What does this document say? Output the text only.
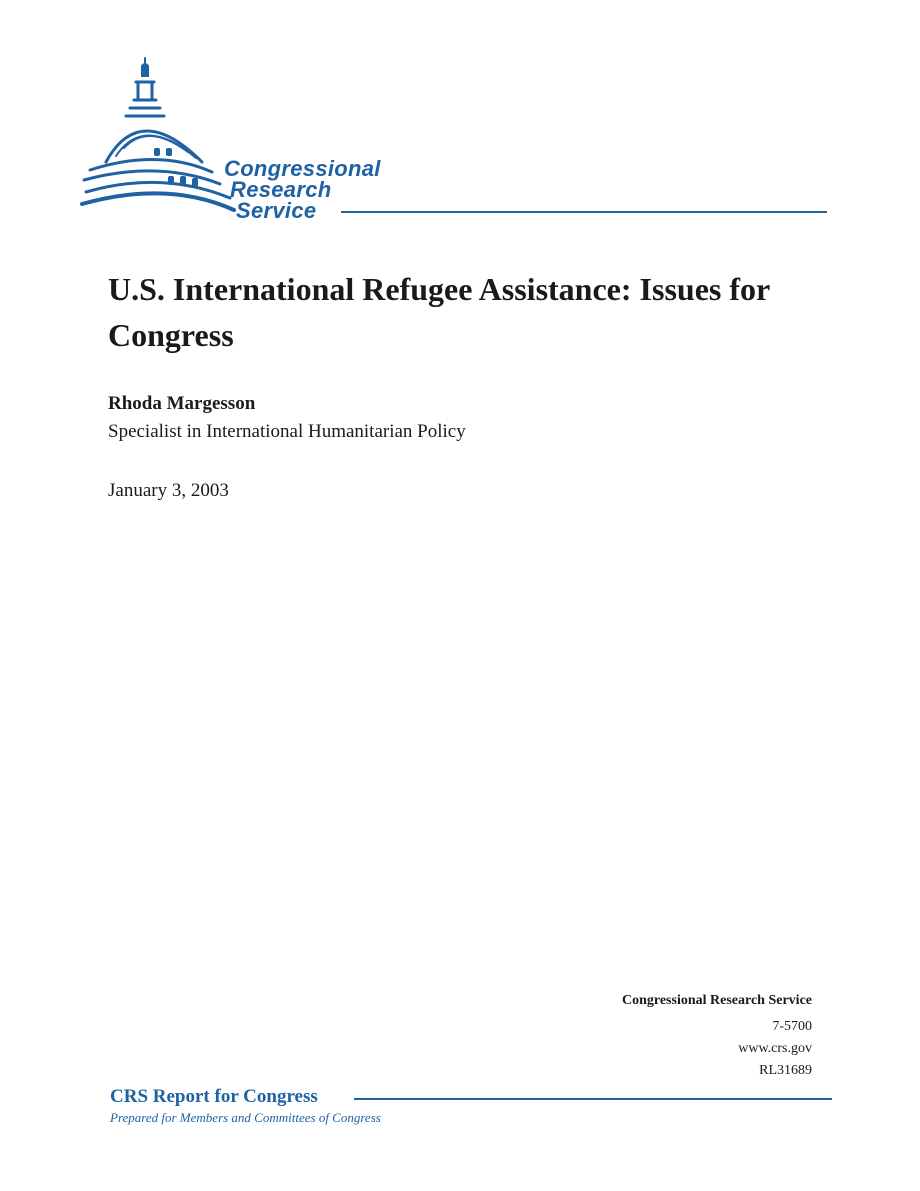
Congressional
Research
Service
U.S. International Refugee Assistance: Issues for Congress
Rhoda Margesson
Specialist in International Humanitarian Policy
January 3, 2003
Congressional Research Service
7-5700
www.crs.gov
RL31689
CRS Report for Congress
Prepared for Members and Committees of Congress
